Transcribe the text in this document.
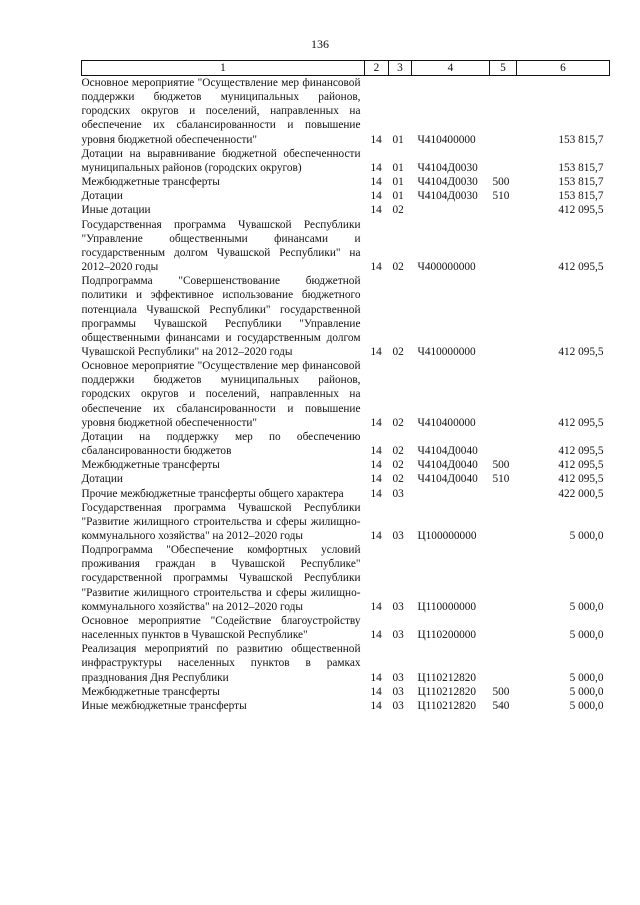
136
1	2	3	4	5	6
Основное мероприятие "Осуществление мер финансовой поддержки бюджетов муниципальных районов, городских округов и поселений, направленных на обеспечение их сбалансированности и повышение уровня бюджетной обеспеченности"	14	01	Ч410400000		153 815,7
Дотации на выравнивание бюджетной обеспеченности муниципальных районов (городских округов)	14	01	Ч4104Д0030		153 815,7
Межбюджетные трансферты	14	01	Ч4104Д0030	500	153 815,7
Дотации	14	01	Ч4104Д0030	510	153 815,7
Иные дотации	14	02			412 095,5
Государственная программа Чувашской Республики "Управление общественными финансами и государственным долгом Чувашской Республики" на 2012–2020 годы	14	02	Ч400000000		412 095,5
Подпрограмма "Совершенствование бюджетной политики и эффективное использование бюджетного потенциала Чувашской Республики" государственной программы Чувашской Республики "Управление общественными финансами и государственным долгом Чувашской Республики" на 2012–2020 годы	14	02	Ч410000000		412 095,5
Основное мероприятие "Осуществление мер финансовой поддержки бюджетов муниципальных районов, городских округов и поселений, направленных на обеспечение их сбалансированности и повышение уровня бюджетной обеспеченности"	14	02	Ч410400000		412 095,5
Дотации на поддержку мер по обеспечению сбалансированности бюджетов	14	02	Ч4104Д0040		412 095,5
Межбюджетные трансферты	14	02	Ч4104Д0040	500	412 095,5
Дотации	14	02	Ч4104Д0040	510	412 095,5
Прочие межбюджетные трансферты общего характера	14	03			422 000,5
Государственная программа Чувашской Республики "Развитие жилищного строительства и сферы жилищно-коммунального хозяйства" на 2012–2020 годы	14	03	Ц100000000		5 000,0
Подпрограмма "Обеспечение комфортных условий проживания граждан в Чувашской Республике" государственной программы Чувашской Республики "Развитие жилищного строительства и сферы жилищно-коммунального хозяйства" на 2012–2020 годы	14	03	Ц110000000		5 000,0
Основное мероприятие "Содействие благоустройству населенных пунктов в Чувашской Республике"	14	03	Ц110200000		5 000,0
Реализация мероприятий по развитию общественной инфраструктуры населенных пунктов в рамках празднования Дня Республики	14	03	Ц110212820		5 000,0
Межбюджетные трансферты	14	03	Ц110212820	500	5 000,0
Иные межбюджетные трансферты	14	03	Ц110212820	540	5 000,0
